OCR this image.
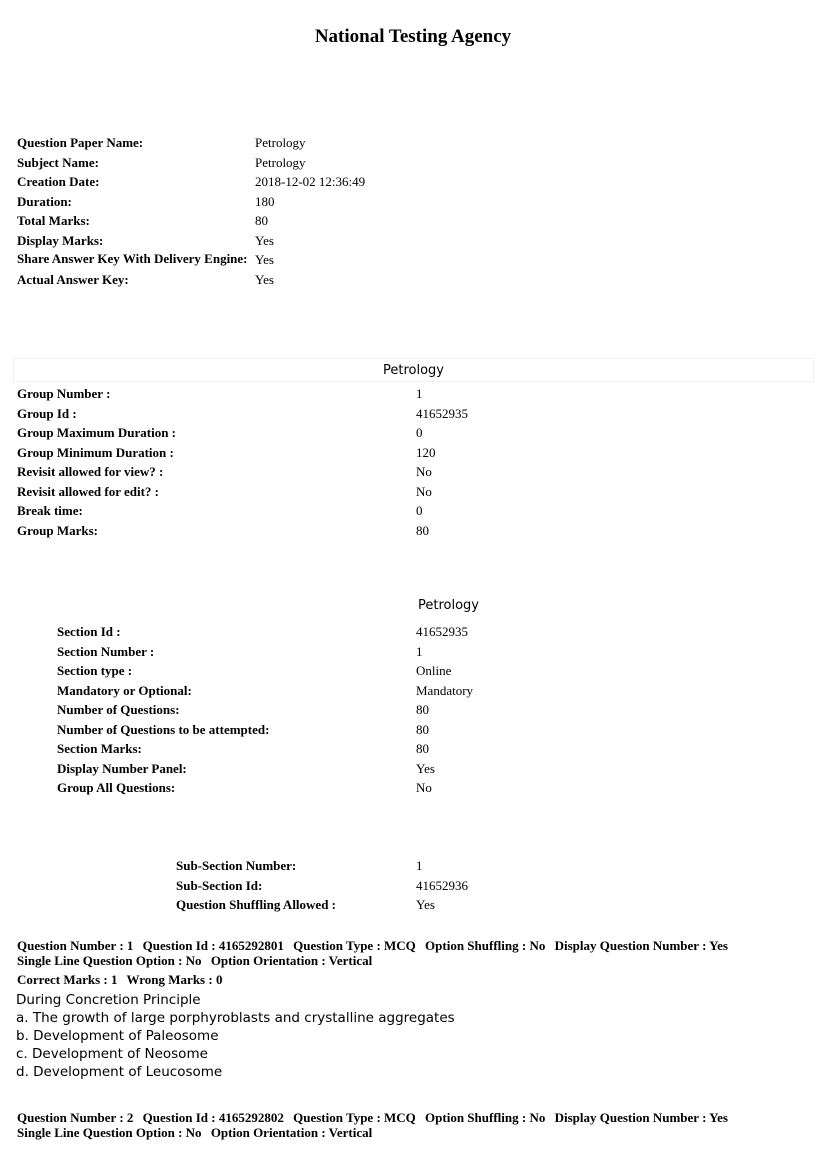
National Testing Agency
Question Paper Name:	Petrology
Subject Name:	Petrology
Creation Date:	2018-12-02 12:36:49
Duration:	180
Total Marks:	80
Display Marks:	Yes
Share Answer Key With Delivery Engine: Yes
Actual Answer Key:	Yes
Petrology
Group Number :	1
Group Id :	41652935
Group Maximum Duration :	0
Group Minimum Duration :	120
Revisit allowed for view? :	No
Revisit allowed for edit? :	No
Break time:	0
Group Marks:	80
Petrology
Section Id :	41652935
Section Number :	1
Section type :	Online
Mandatory or Optional:	Mandatory
Number of Questions:	80
Number of Questions to be attempted:	80
Section Marks:	80
Display Number Panel:	Yes
Group All Questions:	No
Sub-Section Number:	1
Sub-Section Id:	41652936
Question Shuffling Allowed :	Yes
Question Number : 1 Question Id : 4165292801 Question Type : MCQ Option Shuffling : No Display Question Number : Yes
Single Line Question Option : No Option Orientation : Vertical
Correct Marks : 1 Wrong Marks : 0
During Concretion Principle
a. The growth of large porphyroblasts and crystalline aggregates
b. Development of Paleosome
c. Development of Neosome
d. Development of Leucosome
Question Number : 2 Question Id : 4165292802 Question Type : MCQ Option Shuffling : No Display Question Number : Yes
Single Line Question Option : No Option Orientation : Vertical
